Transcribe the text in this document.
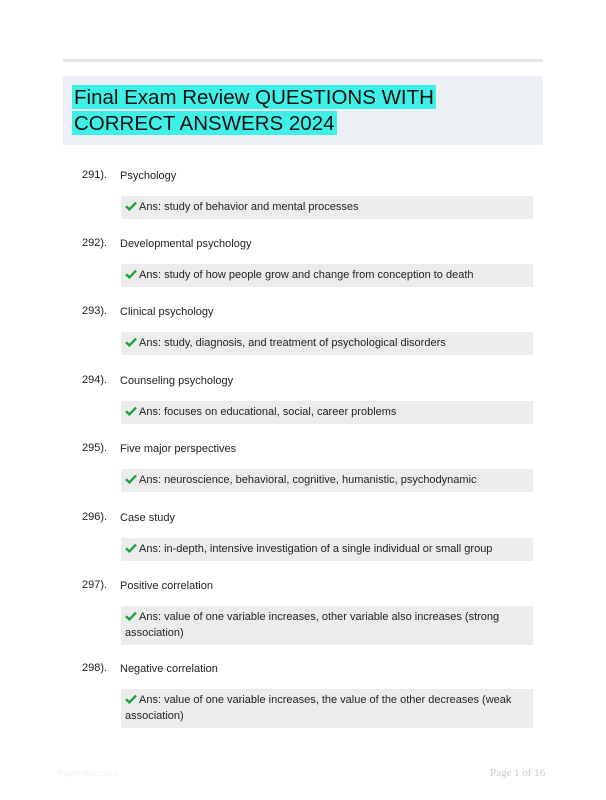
Final Exam Review QUESTIONS WITH CORRECT ANSWERS 2024
291). Psychology
Ans: study of behavior and mental processes
292). Developmental psychology
Ans: study of how people grow and change from conception to death
293). Clinical psychology
Ans: study, diagnosis, and treatment of psychological disorders
294). Counseling psychology
Ans: focuses on educational, social, career problems
295). Five major perspectives
Ans: neuroscience, behavioral, cognitive, humanistic, psychodynamic
296). Case study
Ans: in-depth, intensive investigation of a single individual or small group
297). Positive correlation
Ans: value of one variable increases, other variable also increases (strong association)
298). Negative correlation
Ans: value of one variable increases, the value of the other decreases (weak association)
Paperstdc.com	Page 1 of 16
